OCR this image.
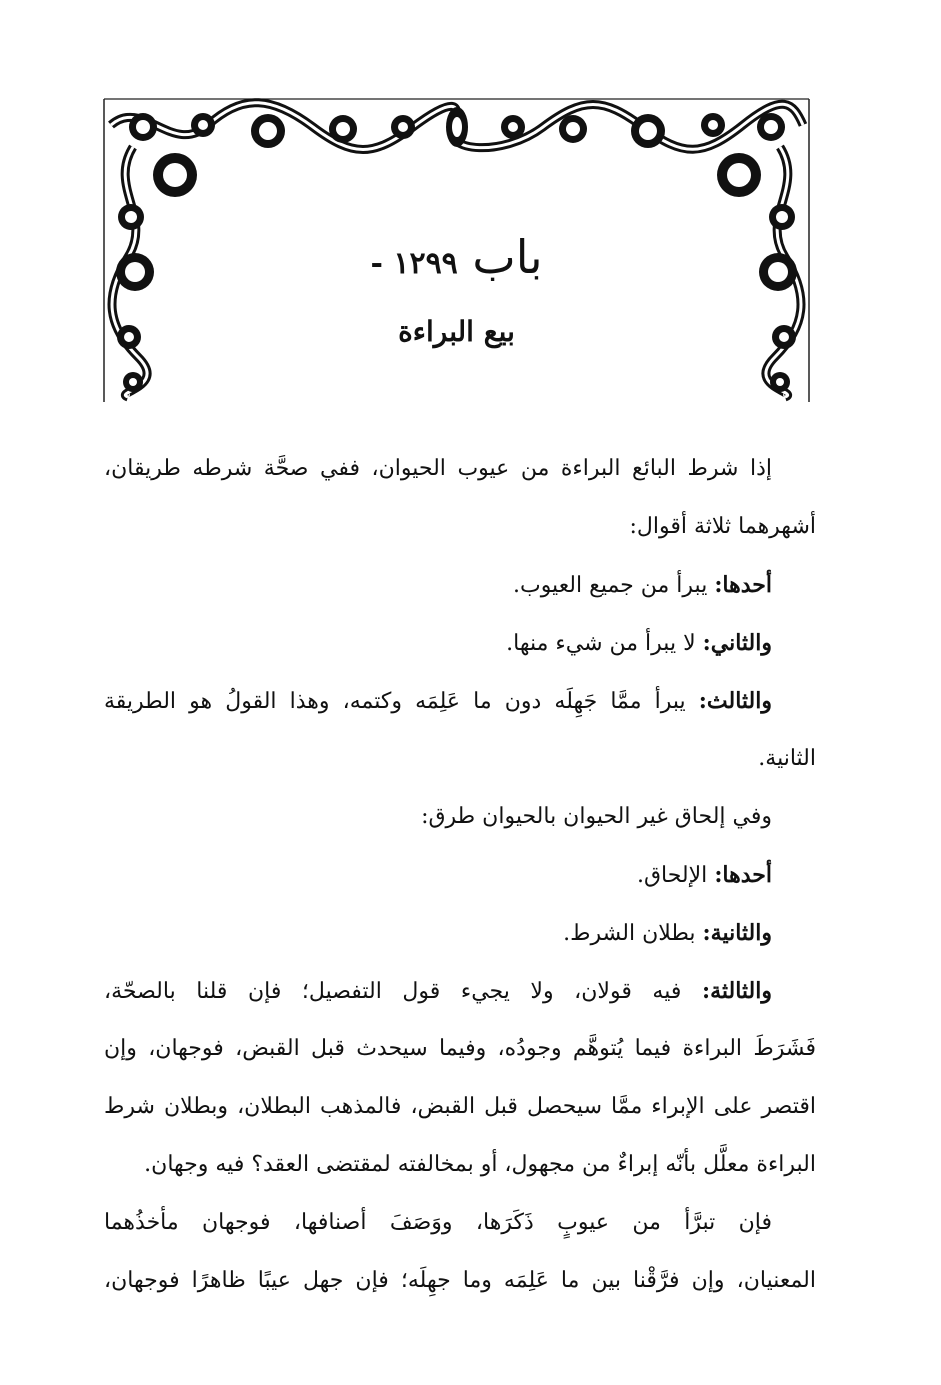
باب ١٢٩٩ -
بيع البراءة
إذا شرط البائع البراءة من عيوب الحيوان، ففي صحَّة شرطه طريقان،
أشهرهما ثلاثة أقوال:
أحدها: يبرأ من جميع العيوب.
والثاني: لا يبرأ من شيء منها.
والثالث: يبرأ ممَّا جَهِلَه دون ما عَلِمَه وكتمه، وهذا القولُ هو الطريقة
الثانية.
وفي إلحاق غير الحيوان بالحيوان طرق:
أحدها: الإلحاق.
والثانية: بطلان الشرط.
والثالثة: فيه قولان، ولا يجيء قول التفصيل؛ فإن قلنا بالصحّة،
فَشَرَطَ البراءة فيما يُتوهَّم وجودُه، وفيما سيحدث قبل القبض، فوجهان، وإن
اقتصر على الإبراء ممَّا سيحصل قبل القبض، فالمذهب البطلان، وبطلان شرط
البراءة معلَّل بأنّه إبراءٌ من مجهول، أو بمخالفته لمقتضى العقد؟ فيه وجهان.
فإن تبرَّأ من عيوبٍ ذَكَرَها، ووَصَفَ أصنافها، فوجهان مأخذُهما
المعنيان، وإن فرَّقْنا بين ما عَلِمَه وما جهِلَه؛ فإن جهل عيبًا ظاهرًا فوجهان،
